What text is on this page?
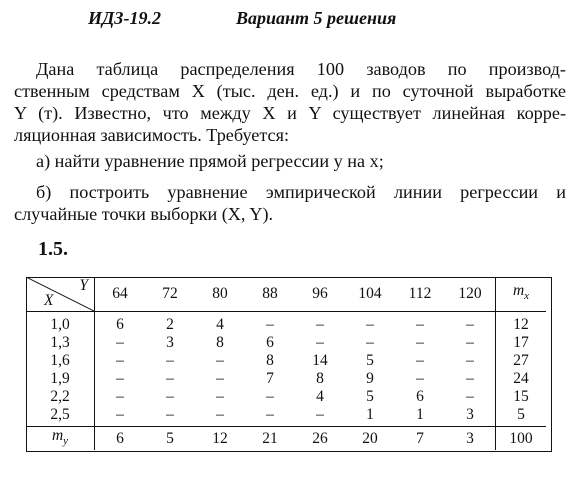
ИДЗ-19.2	Вариант 5 решения
Дана таблица распределения 100 заводов по производ-
ственным средствам X (тыс. ден. ед.) и по суточной выработке
Y (т). Известно, что между X и Y существует линейная корре-
ляционная зависимость. Требуется:
а) найти уравнение прямой регрессии y на x;
б) построить уравнение эмпирической линии регрессии и
случайные точки выборки (X, Y).
1.5.
Y
X	64	72	80	88	96	104	112	120	$m_x$
1,0	6	2	4	–	–	–	–	–	12
1,3	–	3	8	6	–	–	–	–	17
1,6	–	–	–	8	14	5	–	–	27
1,9	–	–	–	7	8	9	–	–	24
2,2	–	–	–	–	4	5	6	–	15
2,5	–	–	–	–	–	1	1	3	5
$m_y$	6	5	12	21	26	20	7	3	100
